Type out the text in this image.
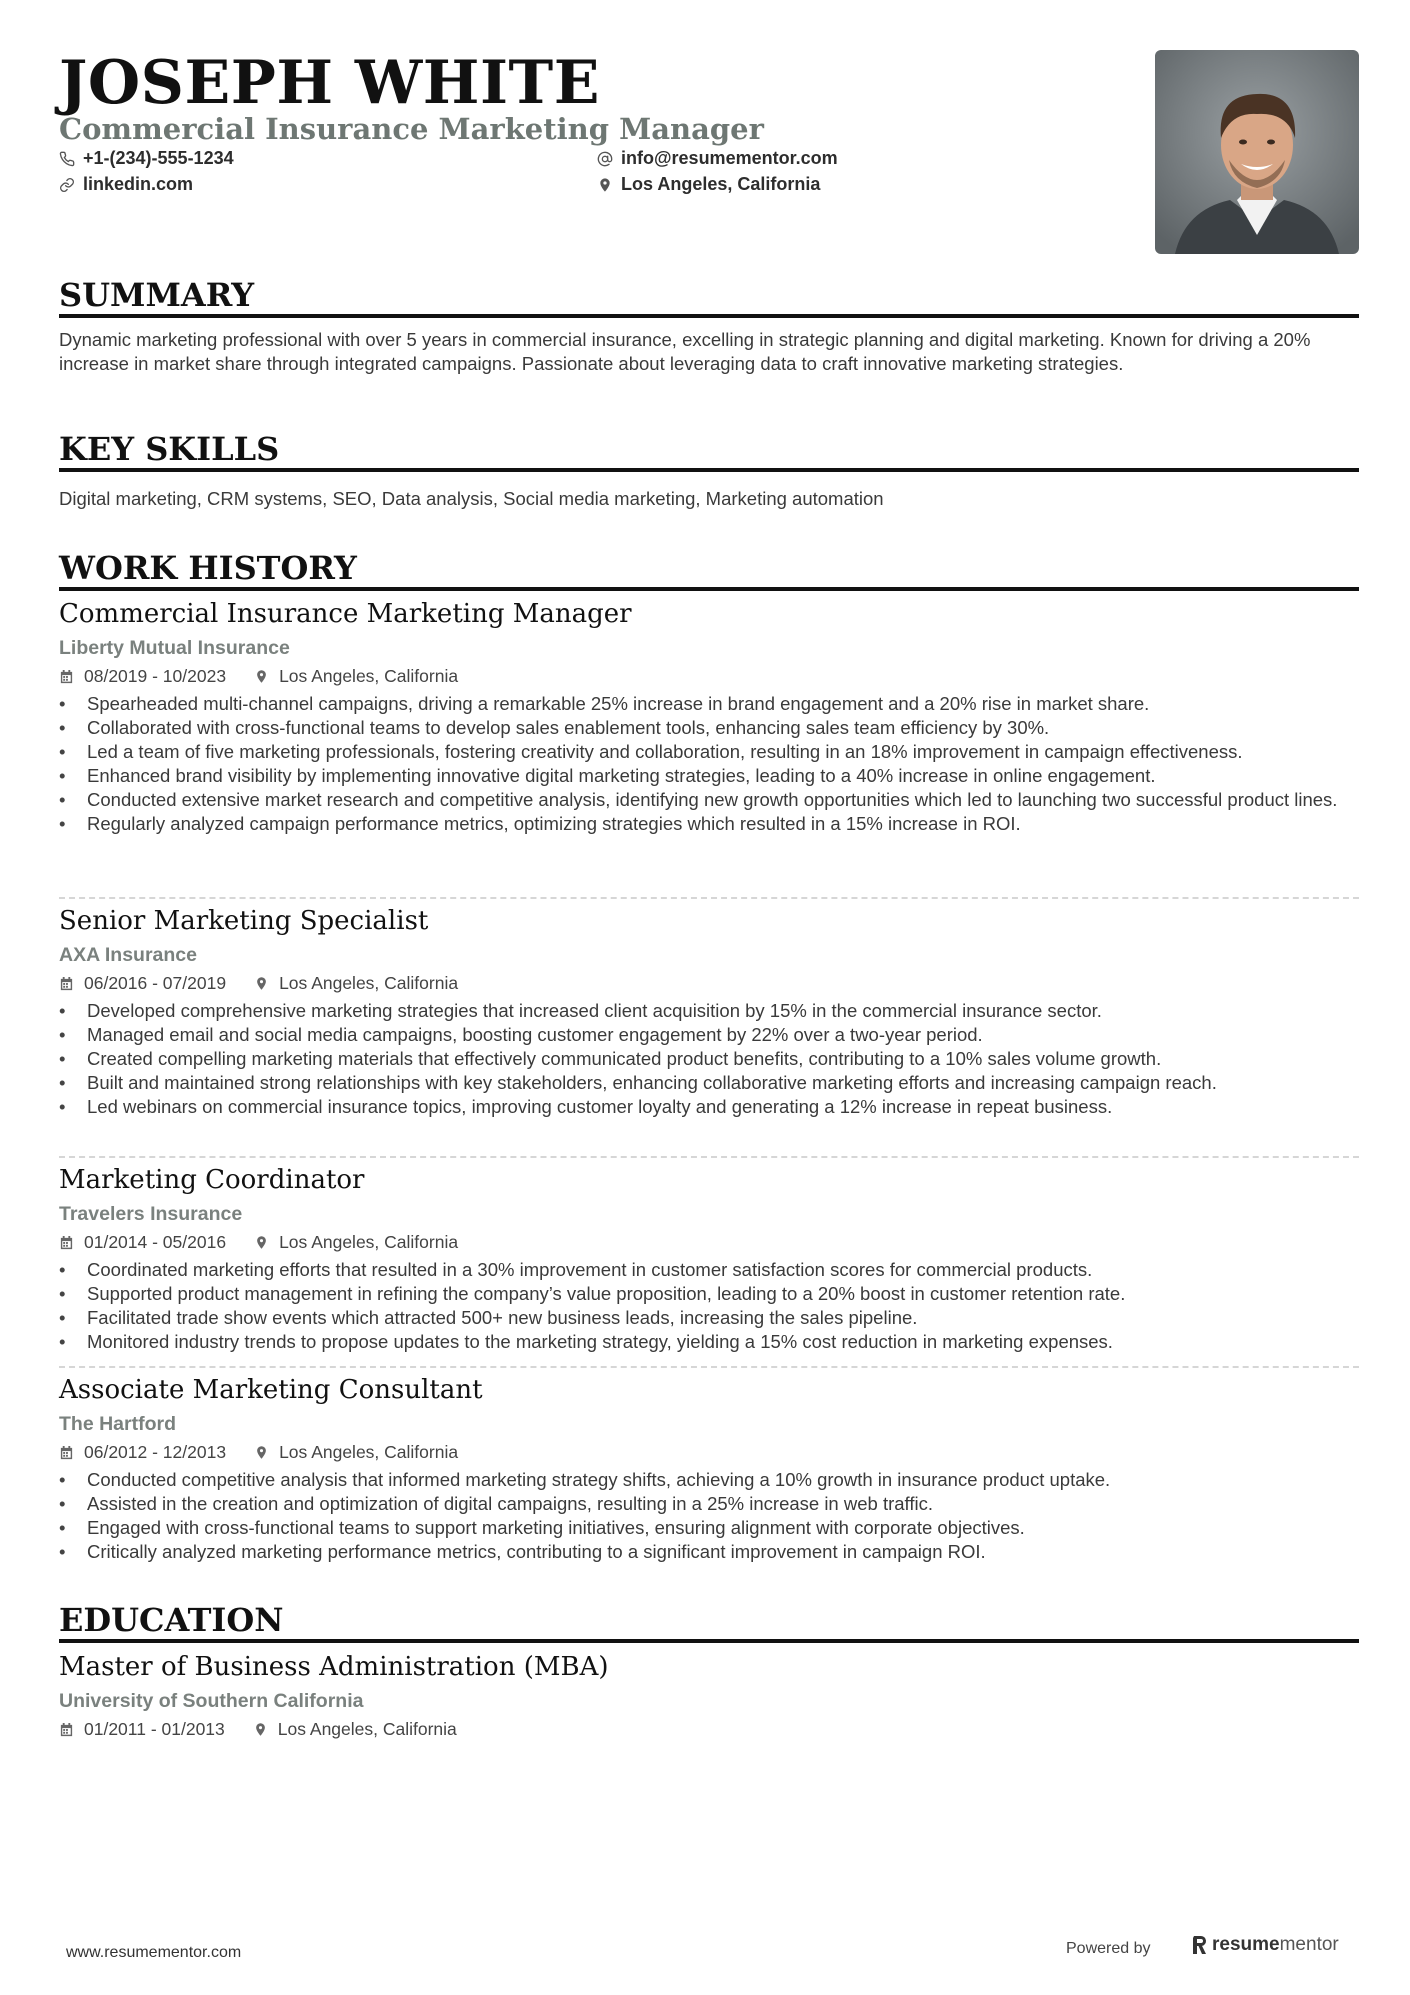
JOSEPH WHITE
Commercial Insurance Marketing Manager
+1-(234)-555-1234	info@resumementor.com
linkedin.com	Los Angeles, California
SUMMARY

Dynamic marketing professional with over 5 years in commercial insurance, excelling in strategic planning and digital marketing. Known for driving a 20% increase in market share through integrated campaigns. Passionate about leveraging data to craft innovative marketing strategies.

KEY SKILLS

Digital marketing, CRM systems, SEO, Data analysis, Social media marketing, Marketing automation

WORK HISTORY
Commercial Insurance Marketing Manager
Liberty Mutual Insurance
08/2019 - 10/2023	Los Angeles, California
• Spearheaded multi-channel campaigns, driving a remarkable 25% increase in brand engagement and a 20% rise in market share.
• Collaborated with cross-functional teams to develop sales enablement tools, enhancing sales team efficiency by 30%.
• Led a team of five marketing professionals, fostering creativity and collaboration, resulting in an 18% improvement in campaign effectiveness.
• Enhanced brand visibility by implementing innovative digital marketing strategies, leading to a 40% increase in online engagement.
• Conducted extensive market research and competitive analysis, identifying new growth opportunities which led to launching two successful product lines.
• Regularly analyzed campaign performance metrics, optimizing strategies which resulted in a 15% increase in ROI.
Senior Marketing Specialist
AXA Insurance
06/2016 - 07/2019	Los Angeles, California
• Developed comprehensive marketing strategies that increased client acquisition by 15% in the commercial insurance sector.
• Managed email and social media campaigns, boosting customer engagement by 22% over a two-year period.
• Created compelling marketing materials that effectively communicated product benefits, contributing to a 10% sales volume growth.
• Built and maintained strong relationships with key stakeholders, enhancing collaborative marketing efforts and increasing campaign reach.
• Led webinars on commercial insurance topics, improving customer loyalty and generating a 12% increase in repeat business.
Marketing Coordinator
Travelers Insurance
01/2014 - 05/2016	Los Angeles, California
• Coordinated marketing efforts that resulted in a 30% improvement in customer satisfaction scores for commercial products.
• Supported product management in refining the company’s value proposition, leading to a 20% boost in customer retention rate.
• Facilitated trade show events which attracted 500+ new business leads, increasing the sales pipeline.
• Monitored industry trends to propose updates to the marketing strategy, yielding a 15% cost reduction in marketing expenses.
Associate Marketing Consultant
The Hartford
06/2012 - 12/2013	Los Angeles, California
• Conducted competitive analysis that informed marketing strategy shifts, achieving a 10% growth in insurance product uptake.
• Assisted in the creation and optimization of digital campaigns, resulting in a 25% increase in web traffic.
• Engaged with cross-functional teams to support marketing initiatives, ensuring alignment with corporate objectives.
• Critically analyzed marketing performance metrics, contributing to a significant improvement in campaign ROI.
EDUCATION
Master of Business Administration (MBA)
University of Southern California
01/2011 - 01/2013	Los Angeles, California
www.resumementor.com	Powered by	resume mentor
